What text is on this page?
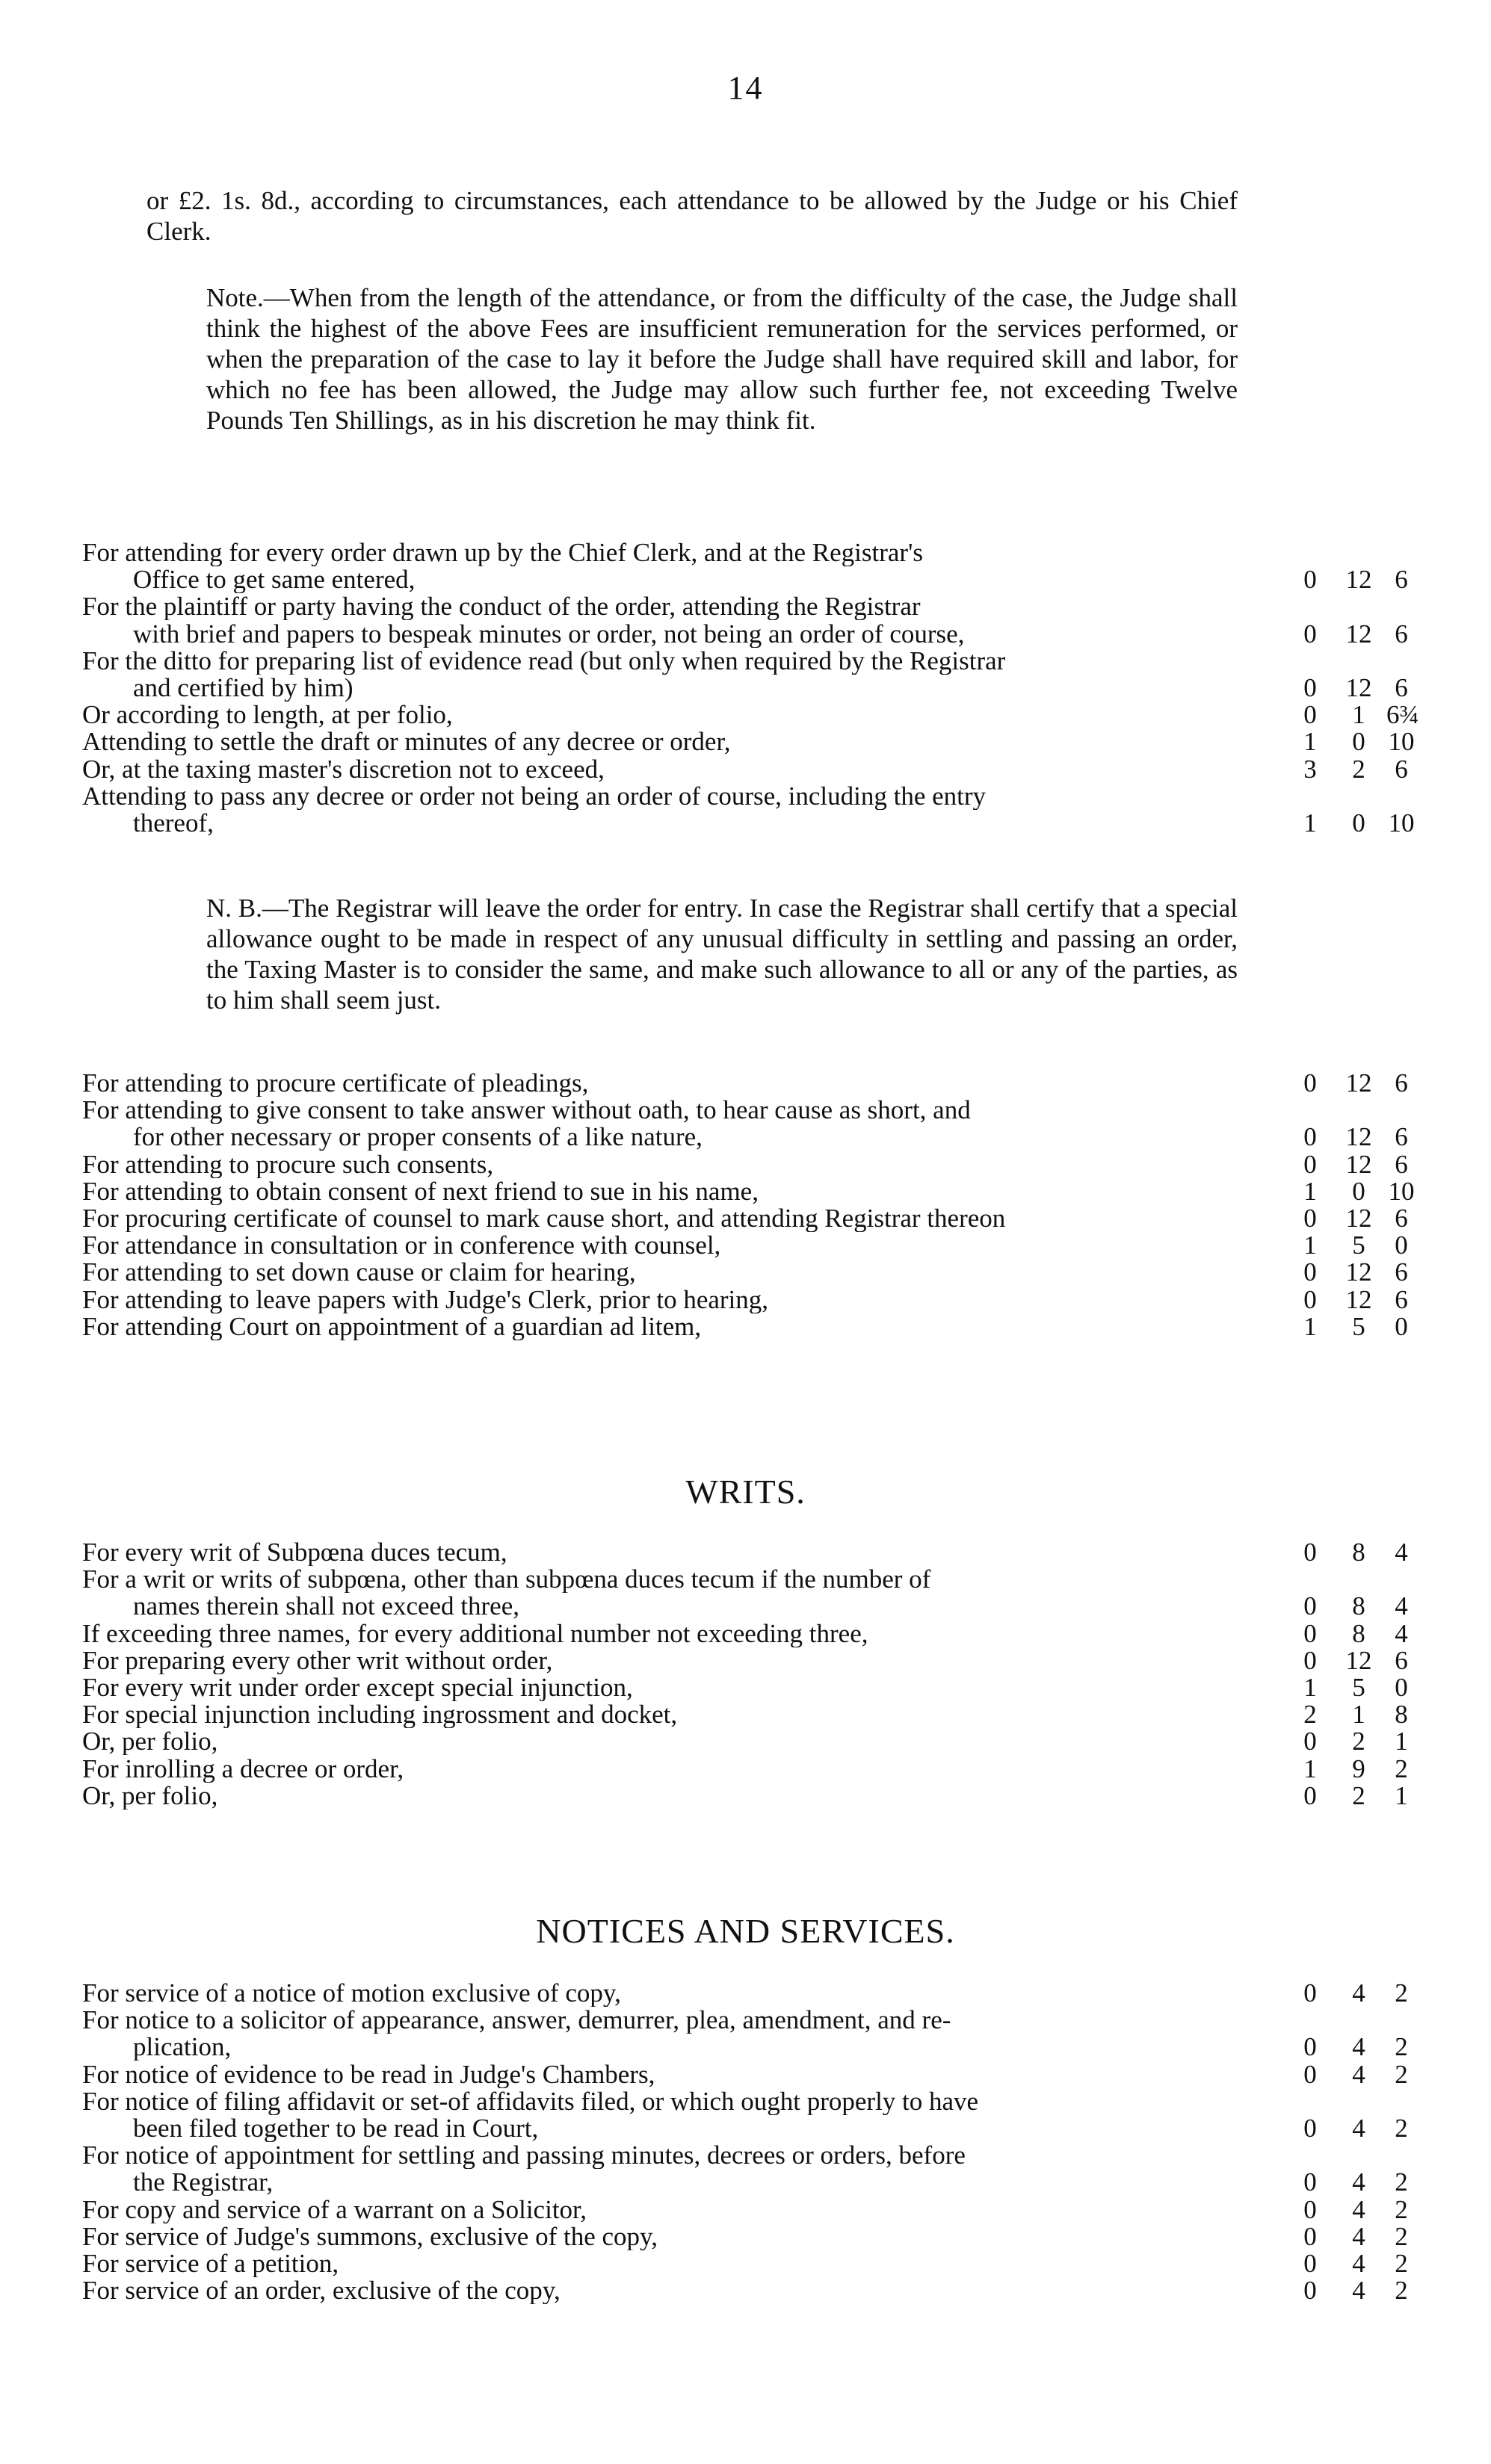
14
or £2. 1s. 8d., according to circumstances, each attendance to be allowed by the Judge or his Chief Clerk.
Note.—When from the length of the attendance, or from the difficulty of the case, the Judge shall think the highest of the above Fees are insufficient remuneration for the services performed, or when the preparation of the case to lay it before the Judge shall have required skill and labor, for which no fee has been allowed, the Judge may allow such further fee, not exceeding Twelve Pounds Ten Shillings, as in his discretion he may think fit.
For attending for every order drawn up by the Chief Clerk, and at the Registrar's
Office to get same entered,	0	12 6
For the plaintiff or party having the conduct of the order, attending the Registrar
with brief and papers to bespeak minutes or order, not being an order of course,	0	12 6
For the ditto for preparing list of evidence read (but only when required by the Registrar
and certified by him)	0	12 6
Or according to length, at per folio,	0	1 6¾
Attending to settle the draft or minutes of any decree or order,	1	0 10
Or, at the taxing master's discretion not to exceed,	3	2	6
Attending to pass any decree or order not being an order of course, including the entry
thereof,	1	0 10
N. B.—The Registrar will leave the order for entry. In case the Registrar shall certify that a special allowance ought to be made in respect of any unusual difficulty in settling and passing an order, the Taxing Master is to consider the same, and make such allowance to all or any of the parties, as to him shall seem just.
For attending to procure certificate of pleadings,	0	12 6
For attending to give consent to take answer without oath, to hear cause as short, and
for other necessary or proper consents of a like nature,	0	12 6
For attending to procure such consents,	0	12 6
For attending to obtain consent of next friend to sue in his name,	1	0 10
For procuring certificate of counsel to mark cause short, and attending Registrar thereon	0	12 6
For attendance in consultation or in conference with counsel,	1	5	0
For attending to set down cause or claim for hearing,	0	12 6
For attending to leave papers with Judge's Clerk, prior to hearing,	0	12 6
For attending Court on appointment of a guardian ad litem,	1	5	0
WRITS.
For every writ of Subpœna duces tecum,	0	8	4
For a writ or writs of subpœna, other than subpœna duces tecum if the number of
names therein shall not exceed three,	0	8	4
If exceeding three names, for every additional number not exceeding three,	0	8	4
For preparing every other writ without order,	0	12 6
For every writ under order except special injunction,	1	5	0
For special injunction including ingrossment and docket,	2	1	8
Or, per folio,	0	2	1
For inrolling a decree or order,	1	9	2
Or, per folio,	0	2	1
NOTICES AND SERVICES.
For service of a notice of motion exclusive of copy,	0	4	2
For notice to a solicitor of appearance, answer, demurrer, plea, amendment, and re-
plication,	0	4	2
For notice of evidence to be read in Judge's Chambers,	0	4	2
For notice of filing affidavit or set-of affidavits filed, or which ought properly to have
been filed together to be read in Court,	0	4	2
For notice of appointment for settling and passing minutes, decrees or orders, before
the Registrar,	0	4	2
For copy and service of a warrant on a Solicitor,	0	4	2
For service of Judge's summons, exclusive of the copy,	0	4	2
For service of a petition,	0	4	2
For service of an order, exclusive of the copy,	0	4	2
